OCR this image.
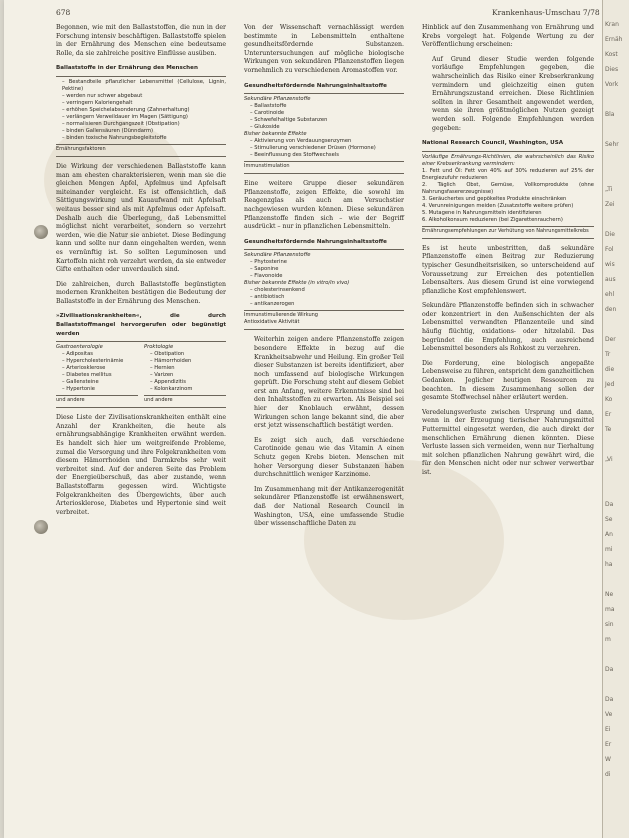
678	Krankenhaus-Umschau 7/78

Begonnen, wie mit den Ballaststoffen, die nun in der Forschung intensiv beschäftigen. Ballaststoffe spielen in der Ernährung des Menschen eine bedeutsame Rolle, da sie zahlreiche positive Einflüsse ausüben.

Ballaststoffe in der Ernährung des Menschen
– Bestandteile pflanzlicher Lebensmittel (Cellulose, Lignin, Pektine)
– werden nur schwer abgebaut
– verringern Kaloriengehalt
– erhöhen Speichelabsonderung (Zahnerhaltung)
– verlängern Verweildauer im Magen (Sättigung)
– normalisieren Durchgangszeit (Obstipation)
– binden Gallensäuren (Dünndarm)
– binden toxische Nahrungsbegleitstoffe
Ernährungsfaktoren

Die Wirkung der verschiedenen Ballaststoffe kann man am ehesten charakterisieren, wenn man sie die gleichen Mengen Apfel, Apfelmus und Apfelsaft miteinander vergleicht. Es ist offensichtlich, daß Sättigungswirkung und Kauaufwand mit Apfelsaft weitaus besser sind als mit Apfelmus oder Apfelsaft. Deshalb auch die Überlegung, daß Lebensmittel möglichst nicht verarbeitet, sondern so verzehrt werden, wie die Natur sie anbietet. Diese Bedingung kann und sollte nur dann eingehalten werden, wenn es vernünftig ist. So sollten Leguminosen und Kartoffeln nicht roh verzehrt werden, da sie entweder Gifte enthalten oder unverdaulich sind.

Die zahlreichen, durch Ballaststoffe begünstigten modernen Krankheiten bestätigen die Bedeutung der Ballaststoffe in der Ernährung des Menschen.

»Zivilisationskrankheiten«, die durch Ballaststoffmangel hervorgerufen oder begünstigt werden
Gastroenterologie
– Adipositas
– Hypercholesterinämie
– Arteriosklerose
– Diabetes mellitus
– Gallensteine
– Hypertonie
und andere
Proktologie
– Obstipation
– Hämorrhoiden
– Hernien
– Varizen
– Appendizitis
– Kolonkarzinom
und andere

Diese Liste der Zivilisationskrankheiten enthält eine Anzahl der Krankheiten, die heute als ernährungsabhängige Krankheiten erwähnt werden. Es handelt sich hier um weitgreifende Probleme, zumal die Versorgung und ihre Folgekrankheiten vom diesem Hämorrhoiden und Darmkrebs sehr weit verbreitet sind. Auf der anderen Seite das Problem der Energieüberschuß, das aber zustande, wenn Ballaststoffarm gegessen wird. Wichtigste Folgekrankheiten des Übergewichts, über auch Arteriosklerose, Diabetes und Hypertonie sind weit verbreitet.

Von der Wissenschaft vernachlässigt werden bestimmte in Lebensmitteln enthaltene gesundheitsfördernde Substanzen. Unteruntersuchungen auf mögliche biologische Wirkungen von sekundären Pflanzenstoffen liegen vornehmlich zu verschiedenen Aromastoffen vor.

Gesundheitsfördernde Nahrungsinhaltsstoffe
Sekundäre Pflanzenstoffe
– Ballaststoffe
– Carotinoide
– Schwefelhaltige Substanzen
– Glukoside
Bisher bekannte Effekte
– Aktivierung von Verdauungsenzymen
– Stimulierung verschiedener Drüsen (Hormone)
– Beeinflussung des Stoffwechsels
Immunstimulation

Eine weitere Gruppe dieser sekundären Pflanzenstoffe, zeigen Effekte, die sowohl im Reagenzglas als auch am Versuchstier nachgewiesen wurden können. Diese sekundären Pflanzenstoffe finden sich – wie der Begriff ausdrückt – nur in pflanzlichen Lebensmitteln.

Gesundheitsfördernde Nahrungsinhaltsstoffe
Sekundäre Pflanzenstoffe
– Phytosterine
– Saponine
– Flavonoide
Bisher bekannte Effekte (in vitro/in vivo)
– cholesterinsenkend
– antibiotisch
– antikanzerogen
Immunstimulierende Wirkung
Antioxidative Aktivität

Weiterhin zeigen andere Pflanzenstoffe zeigen besondere Effekte in bezug auf die Krankheitsabwehr und Heilung. Ein großer Teil dieser Substanzen ist bereits identifiziert, aber noch umfassend auf biologische Wirkungen geprüft. Die Forschung steht auf diesem Gebiet erst am Anfang, weitere Erkenntnisse sind bei den Inhaltsstoffen zu erwarten. Als Beispiel sei hier der Knoblauch erwähnt, dessen Wirkungen schon lange bekannt sind, die aber erst jetzt wissenschaftlich bestätigt werden.

Es zeigt sich auch, daß verschiedene Carotinoide genau wie das Vitamin A einen Schutz gegen Krebs bieten. Menschen mit hoher Versorgung dieser Substanzen haben durchschnittlich weniger Karzinome.

Im Zusammenhang mit der Antikanzerogenität sekundärer Pflanzenstoffe ist erwähnenswert, daß der National Research Council in Washington, USA, eine umfassende Studie über wissenschaftliche Daten zu

Hinblick auf den Zusammenhang von Ernährung und Krebs vorgelegt hat. Folgende Wertung zu der Veröffentlichung erscheinen:

Auf Grund dieser Studie werden folgende vorläufige Empfehlungen gegeben, die wahrscheinlich das Risiko einer Krebserkrankung vermindern und gleichzeitig einen guten Ernährungszustand erreichen. Diese Richtlinien sollten in ihrer Gesamtheit angewendet werden, wenn sie ihren größtmöglichen Nutzen gezeigt werden soll. Folgende Empfehlungen werden gegeben:

National Research Council, Washington, USA
Vorläufige Ernährungs-Richtlinien, die wahrscheinlich das Risiko einer Krebserkrankung vermindern:
1. Fett und Öl: Fett von 40% auf 30% reduzieren auf 25% der Energiezufuhr reduzieren
2. Täglich Obst, Gemüse, Vollkornprodukte (ohne Nahrungsfasererzeugnisse)
3. Geräuchertes und gepökeltes Produkte einschränken
4. Verunreinigungen meiden (Zusatzstoffe weitere prüfen)
5. Mutagene in Nahrungsmitteln identifizieren
6. Alkoholkonsum reduzieren (bei Zigarettenrauchern)
Ernährungsempfehlungen zur Verhütung von Nahrungsmittelkrebs

Es ist heute unbestritten, daß sekundäre Pflanzenstoffe einen Beitrag zur Reduzierung typischer Gesundheitsrisiken, so unterscheidend auf Voraussetzung zur Erreichen des potentiellen Lebensalters. Aus diesem Grund ist eine vorwiegend pflanzliche Kost empfehlenswert.

Sekundäre Pflanzenstoffe befinden sich in schwacher oder konzentriert in den Außenschichten der als Lebensmittel verwandten Pflanzenteile und sind häufig flüchtig, oxidations- oder hitzelabil. Das begründet die Empfehlung, auch ausreichend Lebensmittel besonders als Rohkost zu verzehren.

Die Forderung, eine biologisch angepaßte Lebensweise zu führen, entspricht dem ganzheitlichen Gedanken. Jeglicher heutigen Ressourcen zu beachten. In diesem Zusammenhang sollen der gesamte Stoffwechsel näher erläutert werden.

Veredelungsverluste zwischen Ursprung und dann, wenn in der Erzeugung tierischer Nahrungsmittel Futtermittel eingesetzt werden, die auch direkt der menschlichen Ernährung dienen könnten. Diese Verluste lassen sich vermeiden, wenn nur Tierhaltung mit solchen pflanzlichen Nahrung gewährt wird, die für den Menschen nicht oder nur schwer verwertbar ist.

Kran
Ernäh
Kost
Dies
Vork

Bla

Sehr

„Ti
Zei

Die
Fol
wis
aus
ehl
den

Der
Tr
die
Jed
Ko
Er
Te

„Vi

Da
Se
An
mi
ha

Ne
ma
sin
m

Da

Da
Ve
Ei
Er
W
di
